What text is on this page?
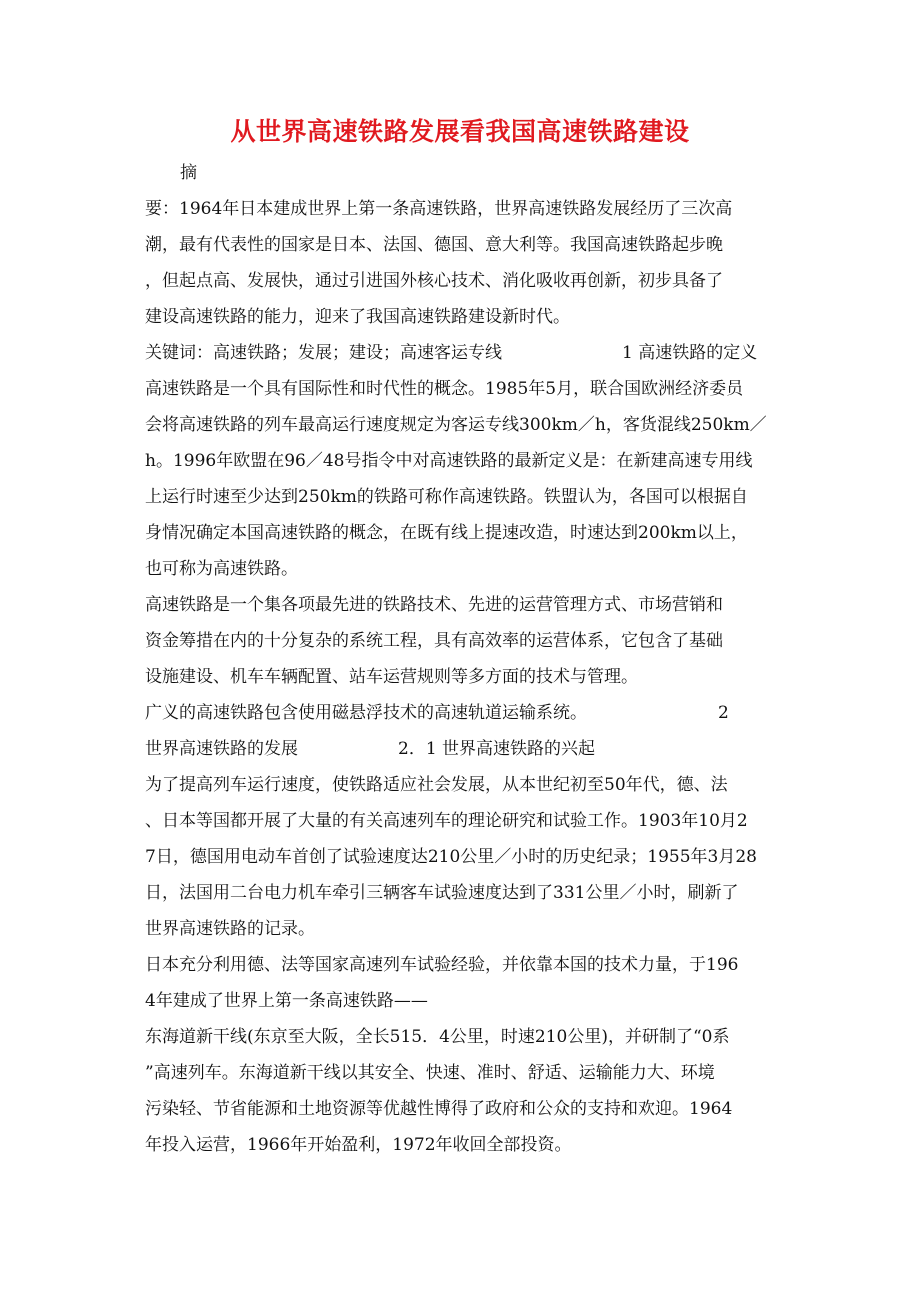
从世界高速铁路发展看我国高速铁路建设
摘
要：1964年日本建成世界上第一条高速铁路，世界高速铁路发展经历了三次高
潮，最有代表性的国家是日本、法国、德国、意大利等。我国高速铁路起步晚
，但起点高、发展快，通过引进国外核心技术、消化吸收再创新，初步具备了
建设高速铁路的能力，迎来了我国高速铁路建设新时代。
关键词：高速铁路；发展；建设；高速客运专线	1 高速铁路的定义
高速铁路是一个具有国际性和时代性的概念。1985年5月，联合国欧洲经济委员
会将高速铁路的列车最高运行速度规定为客运专线300km／h，客货混线250km／
h。1996年欧盟在96／48号指令中对高速铁路的最新定义是：在新建高速专用线
上运行时速至少达到250km的铁路可称作高速铁路。铁盟认为，各国可以根据自
身情况确定本国高速铁路的概念，在既有线上提速改造，时速达到200km以上，
也可称为高速铁路。
高速铁路是一个集各项最先进的铁路技术、先进的运营管理方式、市场营销和
资金筹措在内的十分复杂的系统工程，具有高效率的运营体系，它包含了基础
设施建设、机车车辆配置、站车运营规则等多方面的技术与管理。
广义的高速铁路包含使用磁悬浮技术的高速轨道运输系统。	2
世界高速铁路的发展	2．1 世界高速铁路的兴起
为了提高列车运行速度，使铁路适应社会发展，从本世纪初至50年代，德、法
、日本等国都开展了大量的有关高速列车的理论研究和试验工作。1903年10月2
7日，德国用电动车首创了试验速度达210公里／小时的历史纪录；1955年3月28
日，法国用二台电力机车牵引三辆客车试验速度达到了331公里／小时，刷新了
世界高速铁路的记录。
日本充分利用德、法等国家高速列车试验经验，并依靠本国的技术力量，于196
4年建成了世界上第一条高速铁路——
东海道新干线(东京至大阪，全长515．4公里，时速210公里)，并研制了“0系
”高速列车。东海道新干线以其安全、快速、准时、舒适、运输能力大、环境
污染轻、节省能源和土地资源等优越性博得了政府和公众的支持和欢迎。1964
年投入运营，1966年开始盈利，1972年收回全部投资。
